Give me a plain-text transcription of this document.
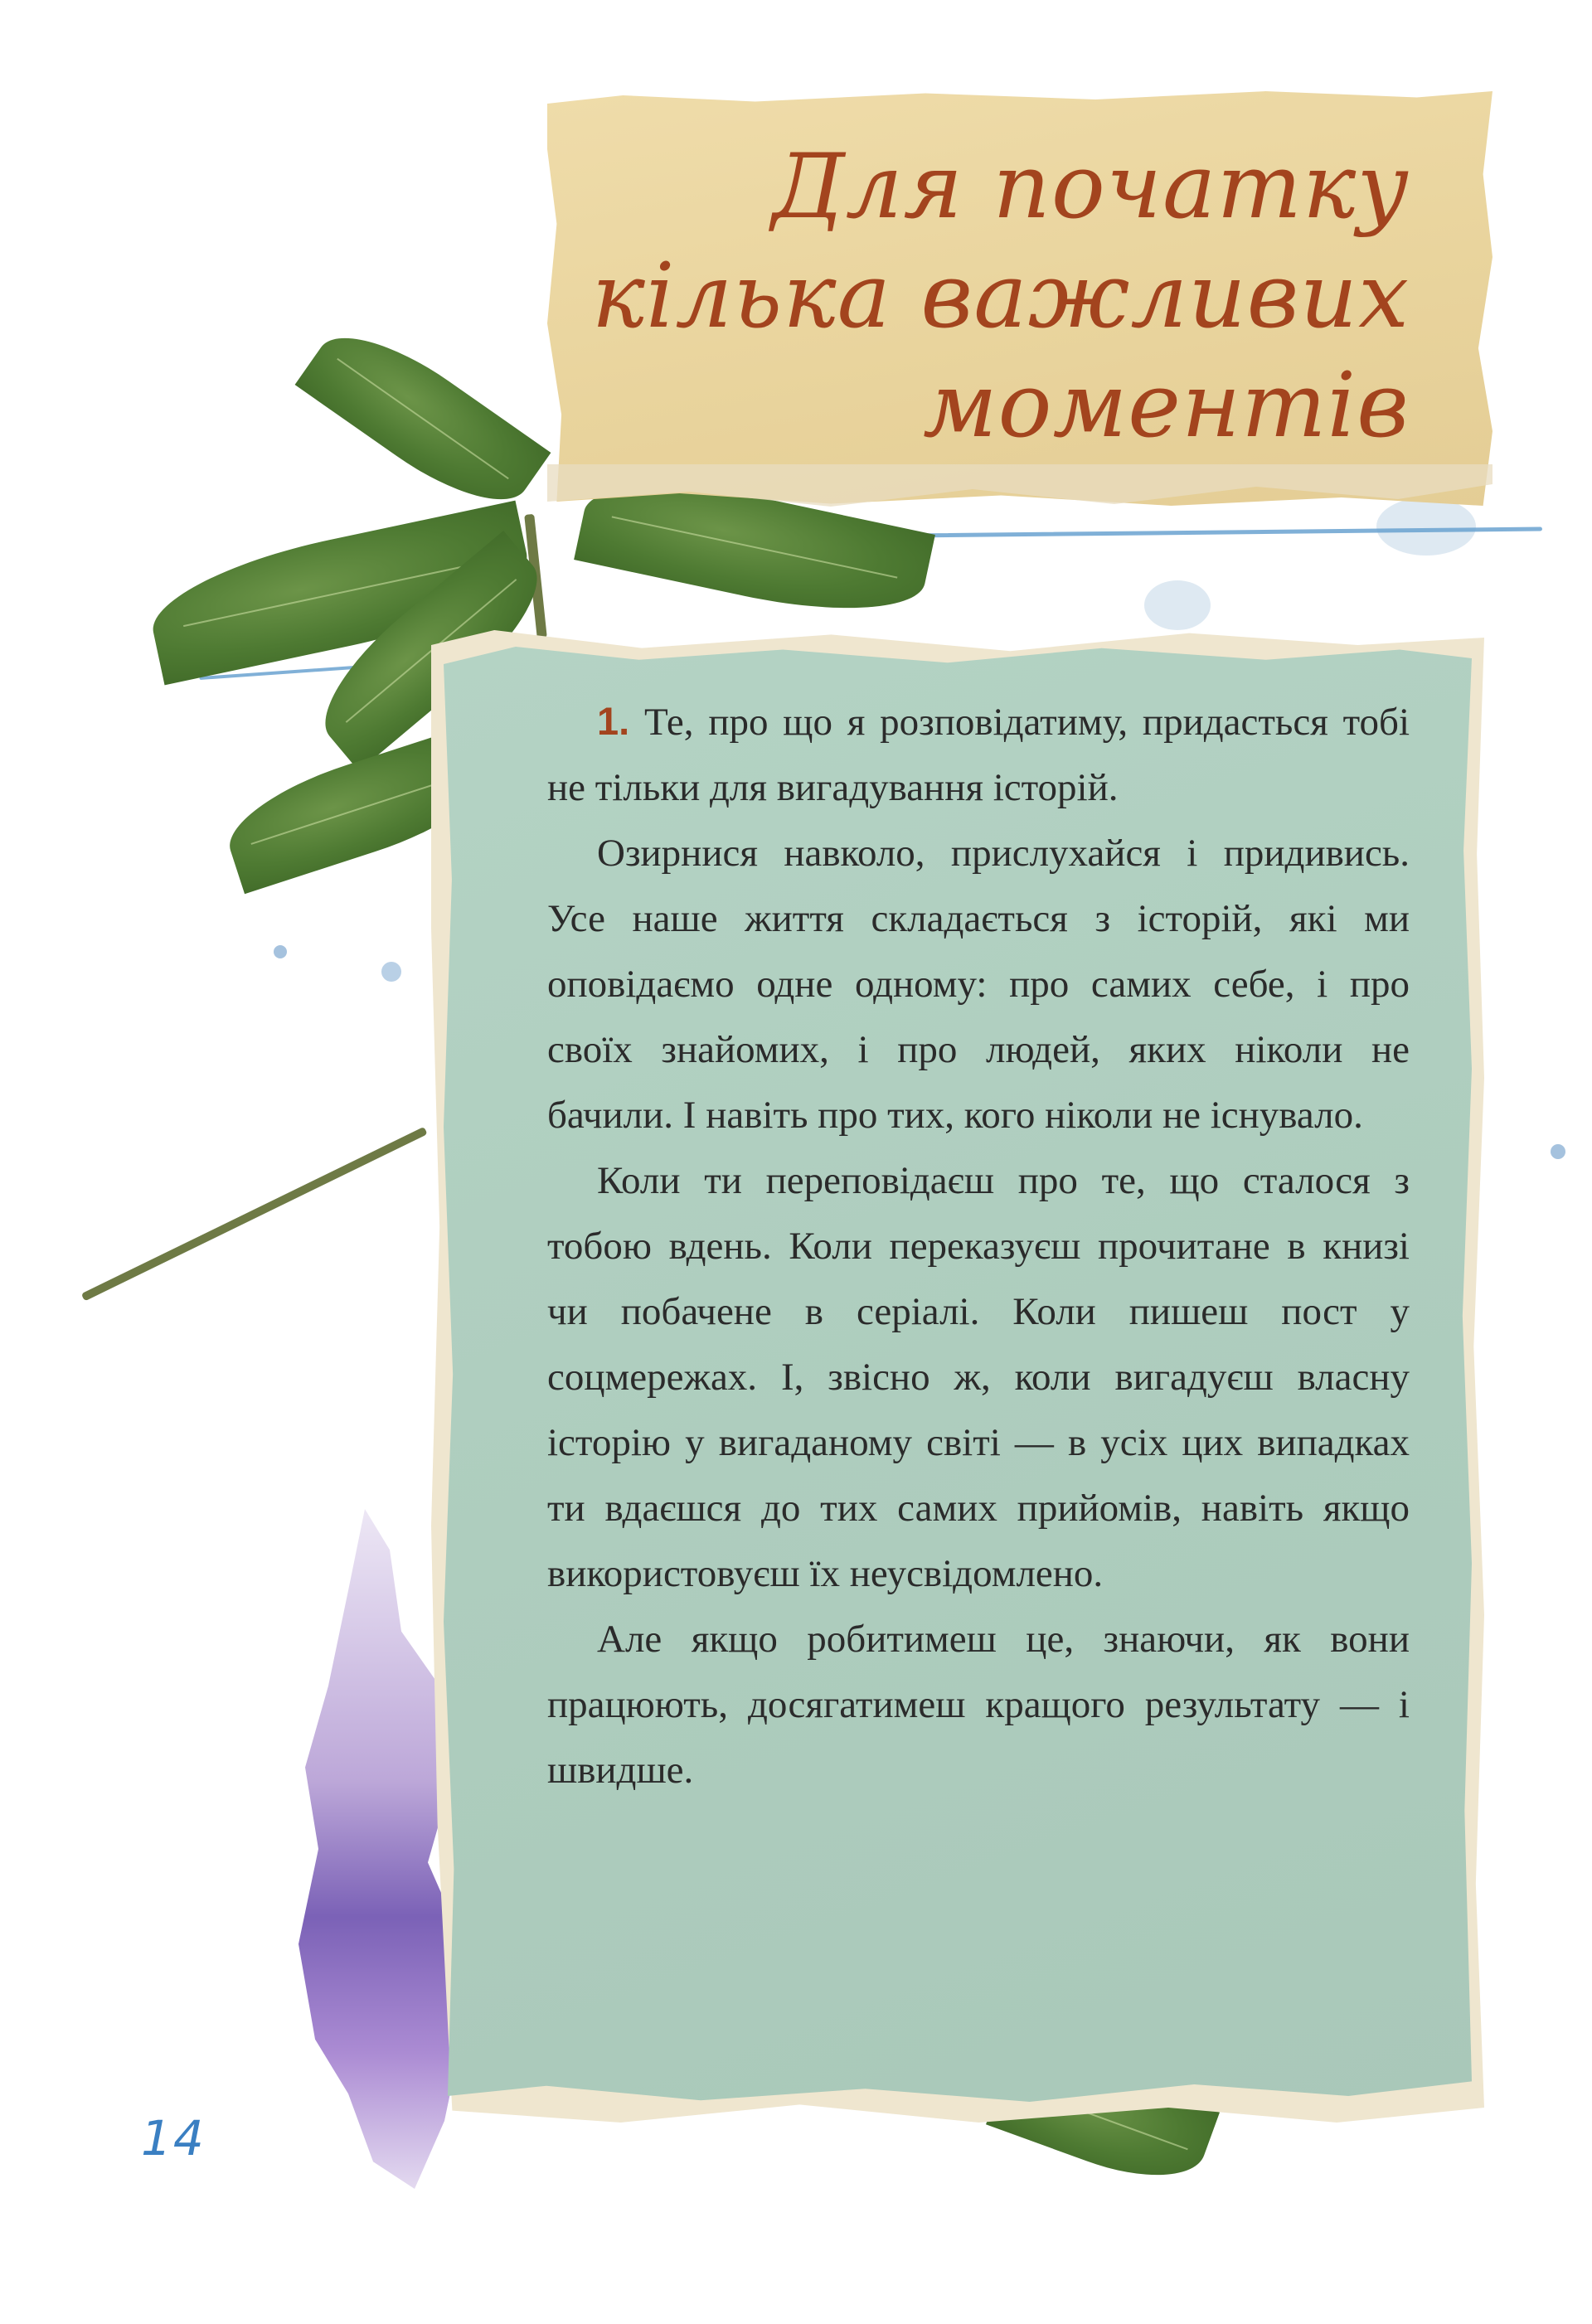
Для початку
кількa важливих
моментів

1. Те, про що я розповідатиму, придасться тобі не тільки для вигадування історій.

Озирнися навколо, прислухайся і придивись. Усе наше життя складається з історій, які ми оповідаємо одне одному: про самих себе, і про своїх знайомих, і про людей, яких ніколи не бачили. І навіть про тих, кого ніколи не існувало.

Коли ти переповідаєш про те, що сталося з тобою вдень. Коли переказуєш прочитане в книзі чи побачене в серіалі. Коли пишеш пост у соцмережах. І, звісно ж, коли вигадуєш власну історію у вигаданому світі — в усіх цих випадках ти вдаєшся до тих самих прийомів, навіть якщо використовуєш їх неусвідомлено.

Але якщо робитимеш це, знаючи, як вони працюють, досягатимеш кращого результату — і швидше.

14
